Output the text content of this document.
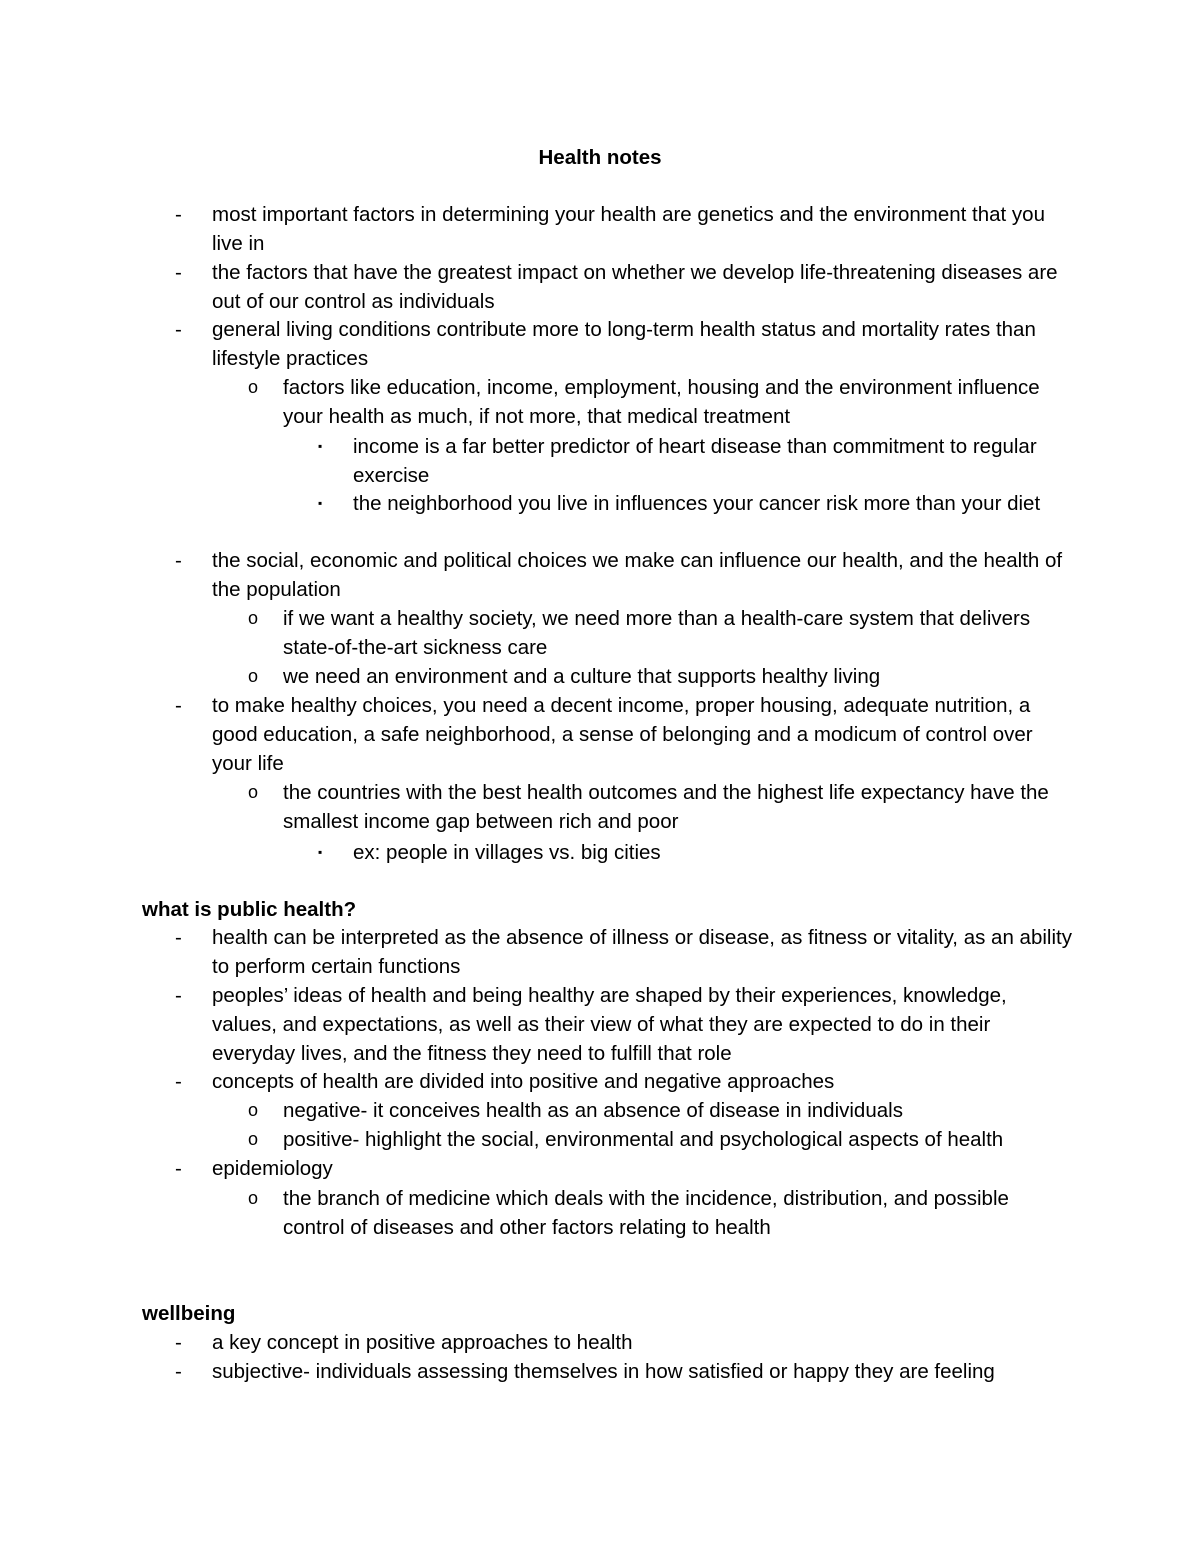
Health notes
- most important factors in determining your health are genetics and the environment that you live in
- the factors that have the greatest impact on whether we develop life-threatening diseases are out of our control as individuals
- general living conditions contribute more to long-term health status and mortality rates than lifestyle practices
o factors like education, income, employment, housing and the environment influence your health as much, if not more, that medical treatment
▪ income is a far better predictor of heart disease than commitment to regular exercise
▪ the neighborhood you live in influences your cancer risk more than your diet
- the social, economic and political choices we make can influence our health, and the health of the population
o if we want a healthy society, we need more than a health-care system that delivers state-of-the-art sickness care
o we need an environment and a culture that supports healthy living
- to make healthy choices, you need a decent income, proper housing, adequate nutrition, a good education, a safe neighborhood, a sense of belonging and a modicum of control over your life
o the countries with the best health outcomes and the highest life expectancy have the smallest income gap between rich and poor
▪ ex: people in villages vs. big cities
what is public health?
- health can be interpreted as the absence of illness or disease, as fitness or vitality, as an ability to perform certain functions
- peoples’ ideas of health and being healthy are shaped by their experiences, knowledge, values, and expectations, as well as their view of what they are expected to do in their everyday lives, and the fitness they need to fulfill that role
- concepts of health are divided into positive and negative approaches
o negative- it conceives health as an absence of disease in individuals
o positive- highlight the social, environmental and psychological aspects of health
- epidemiology
o the branch of medicine which deals with the incidence, distribution, and possible control of diseases and other factors relating to health
wellbeing
- a key concept in positive approaches to health
- subjective- individuals assessing themselves in how satisfied or happy they are feeling
